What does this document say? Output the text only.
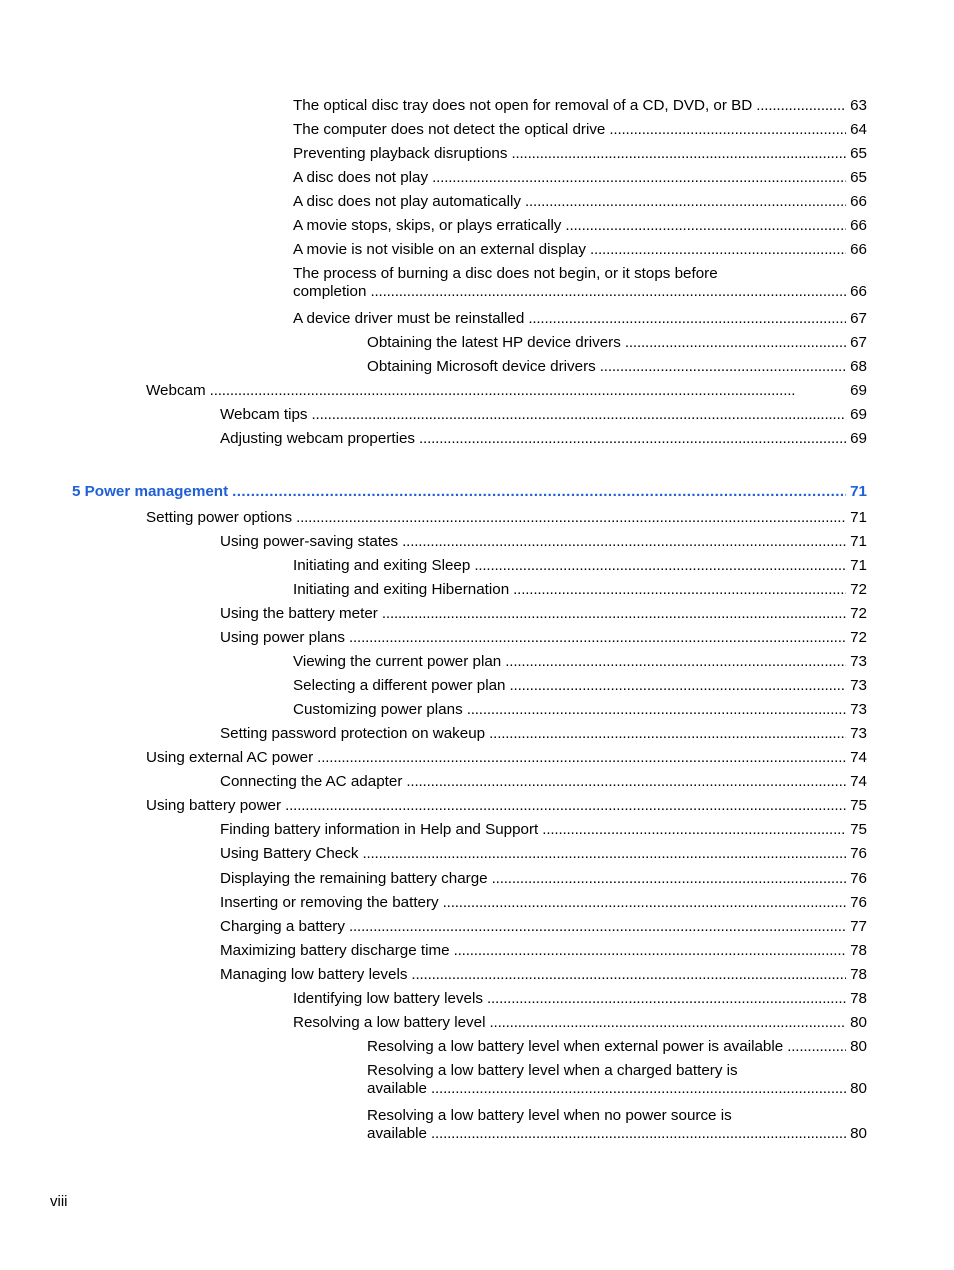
The optical disc tray does not open for removal of a CD, DVD, or BD . . .	63
The computer does not detect the optical drive . . .	64
Preventing playback disruptions . . .	65
A disc does not play . . .	65
A disc does not play automatically . . .	66
A movie stops, skips, or plays erratically . . .	66
A movie is not visible on an external display . . .	66
The process of burning a disc does not begin, or it stops before
completion . . .	66
A device driver must be reinstalled . . .	67
Obtaining the latest HP device drivers . . .	67
Obtaining Microsoft device drivers . . .	68
Webcam . . .	69
Webcam tips . . .	69
Adjusting webcam properties . . .	69
5 Power management . . .	71
Setting power options . . .	71
Using power-saving states . . .	71
Initiating and exiting Sleep . . .	71
Initiating and exiting Hibernation . . .	72
Using the battery meter . . .	72
Using power plans . . .	72
Viewing the current power plan . . .	73
Selecting a different power plan . . .	73
Customizing power plans . . .	73
Setting password protection on wakeup . . .	73
Using external AC power . . .	74
Connecting the AC adapter . . .	74
Using battery power . . .	75
Finding battery information in Help and Support . . .	75
Using Battery Check . . .	76
Displaying the remaining battery charge . . .	76
Inserting or removing the battery . . .	76
Charging a battery . . .	77
Maximizing battery discharge time . . .	78
Managing low battery levels . . .	78
Identifying low battery levels . . .	78
Resolving a low battery level . . .	80
Resolving a low battery level when external power is available . . .	80
Resolving a low battery level when a charged battery is
available . . .	80
Resolving a low battery level when no power source is
available . . .	80
viii
